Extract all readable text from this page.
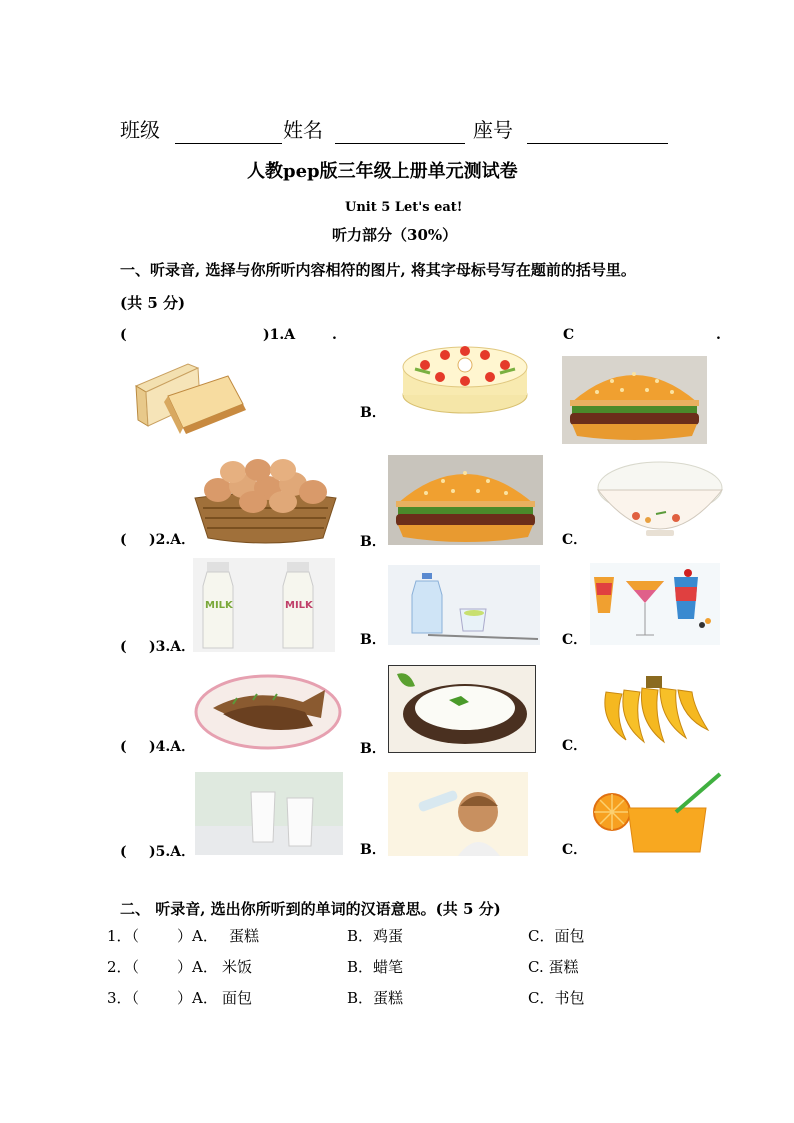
班级	姓名	座号
人教pep版三年级上册单元测试卷
Unit 5 Let's eat!
听力部分（30%）
一、听录音, 选择与你所听内容相符的图片, 将其字母标号写在题前的括号里。
(共 5 分)
(	)1.A	.	C	.
B．
( )2.A．	B．	C．
MILK	MILK
( )3.A．	B．	C．
( )4.A．	B．	C．
( )5.A．	B．	C．
二、 听录音, 选出你所听到的单词的汉语意思。(共 5 分)
1．（	）A． 蛋糕	B．鸡蛋	C．面包
2．（	）A． 米饭	B．蜡笔	C. 蛋糕
3．（	）A． 面包	B．蛋糕	C．书包
